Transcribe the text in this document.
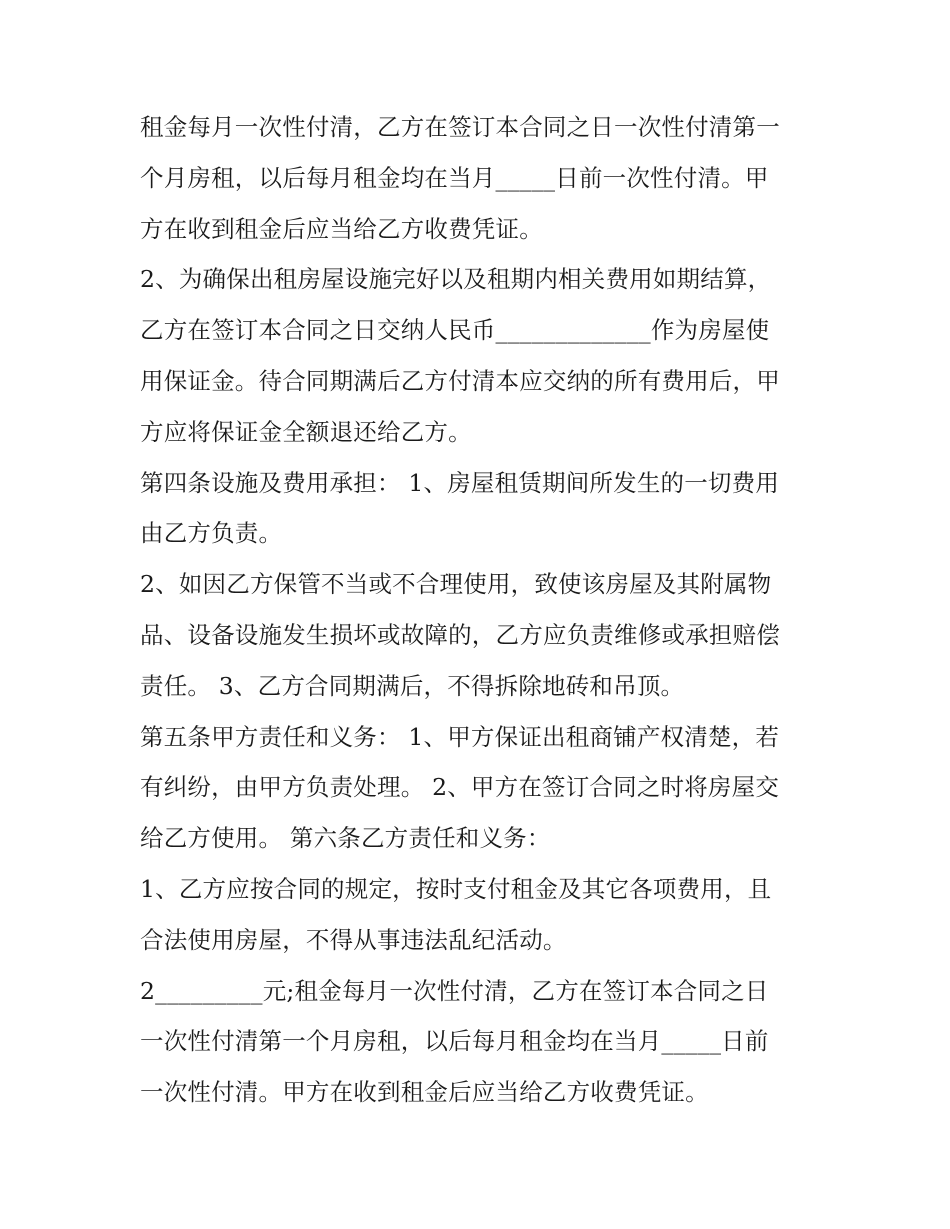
租金每月一次性付清，乙方在签订本合同之日一次性付清第一
个月房租，以后每月租金均在当月_____日前一次性付清。甲
方在收到租金后应当给乙方收费凭证。
2、为确保出租房屋设施完好以及租期内相关费用如期结算，
乙方在签订本合同之日交纳人民币_____________作为房屋使
用保证金。待合同期满后乙方付清本应交纳的所有费用后，甲
方应将保证金全额退还给乙方。
第四条设施及费用承担： 1、房屋租赁期间所发生的一切费用
由乙方负责。
2、如因乙方保管不当或不合理使用，致使该房屋及其附属物
品、设备设施发生损坏或故障的，乙方应负责维修或承担赔偿
责任。 3、乙方合同期满后，不得拆除地砖和吊顶。
第五条甲方责任和义务： 1、甲方保证出租商铺产权清楚，若
有纠纷，由甲方负责处理。 2、甲方在签订合同之时将房屋交
给乙方使用。 第六条乙方责任和义务：
1、乙方应按合同的规定，按时支付租金及其它各项费用，且
合法使用房屋，不得从事违法乱纪活动。
2_________元;租金每月一次性付清，乙方在签订本合同之日
一次性付清第一个月房租，以后每月租金均在当月_____日前
一次性付清。甲方在收到租金后应当给乙方收费凭证。
